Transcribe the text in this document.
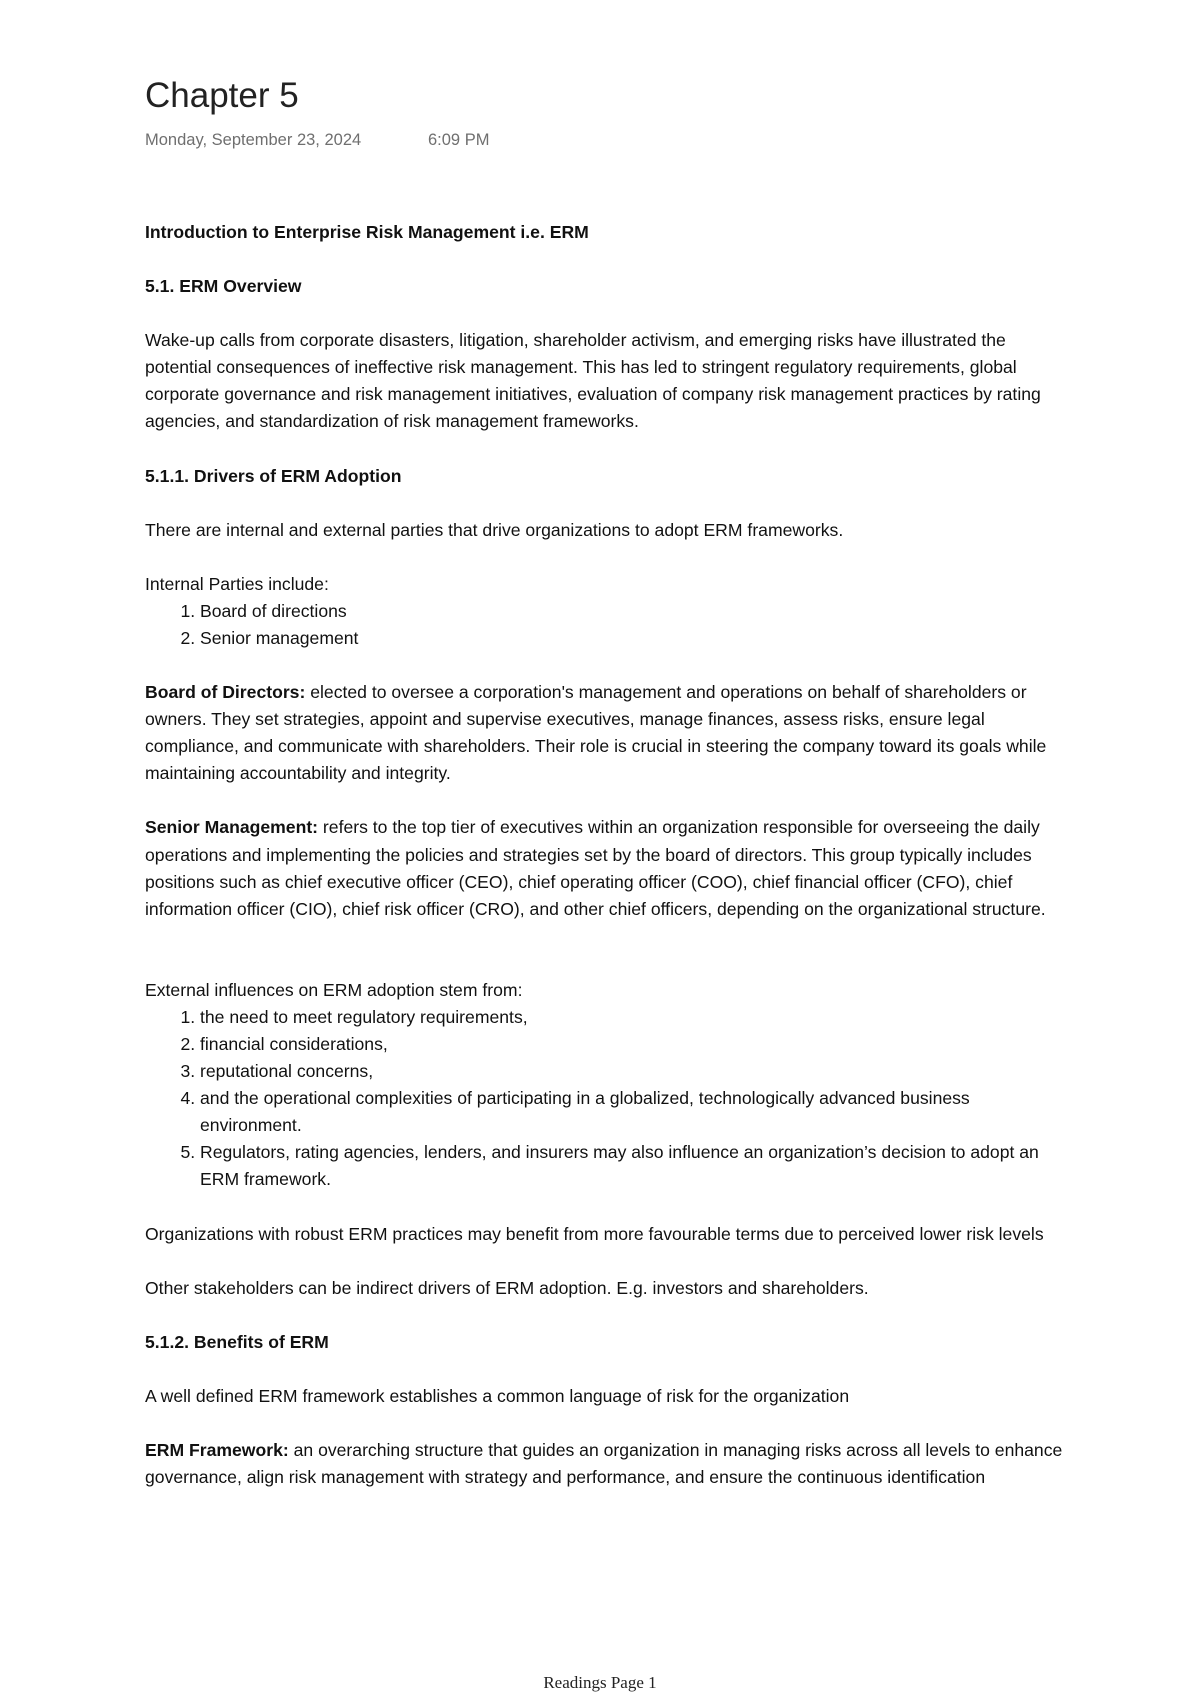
Chapter 5
Monday, September 23, 2024	6:09 PM
Introduction to Enterprise Risk Management i.e. ERM
5.1. ERM Overview

Wake-up calls from corporate disasters, litigation, shareholder activism, and emerging risks have illustrated the potential consequences of ineffective risk management. This has led to stringent regulatory requirements, global corporate governance and risk management initiatives, evaluation of company risk management practices by rating agencies, and standardization of risk management frameworks.

5.1.1. Drivers of ERM Adoption

There are internal and external parties that drive organizations to adopt ERM frameworks.

Internal Parties include:

1. Board of directions
2. Senior management

Board of Directors: elected to oversee a corporation's management and operations on behalf of shareholders or owners. They set strategies, appoint and supervise executives, manage finances, assess risks, ensure legal compliance, and communicate with shareholders. Their role is crucial in steering the company toward its goals while maintaining accountability and integrity.

Senior Management: refers to the top tier of executives within an organization responsible for overseeing the daily operations and implementing the policies and strategies set by the board of directors. This group typically includes positions such as chief executive officer (CEO), chief operating officer (COO), chief financial officer (CFO), chief information officer (CIO), chief risk officer (CRO), and other chief officers, depending on the organizational structure.

External influences on ERM adoption stem from:

1. the need to meet regulatory requirements,
2. financial considerations,
3. reputational concerns,
4. and the operational complexities of participating in a globalized, technologically advanced business environment.
5. Regulators, rating agencies, lenders, and insurers may also influence an organization’s decision to adopt an ERM framework.

Organizations with robust ERM practices may benefit from more favourable terms due to perceived lower risk levels

Other stakeholders can be indirect drivers of ERM adoption. E.g. investors and shareholders.

5.1.2. Benefits of ERM

A well defined ERM framework establishes a common language of risk for the organization

ERM Framework: an overarching structure that guides an organization in managing risks across all levels to enhance governance, align risk management with strategy and performance, and ensure the continuous identification

Readings Page 1
